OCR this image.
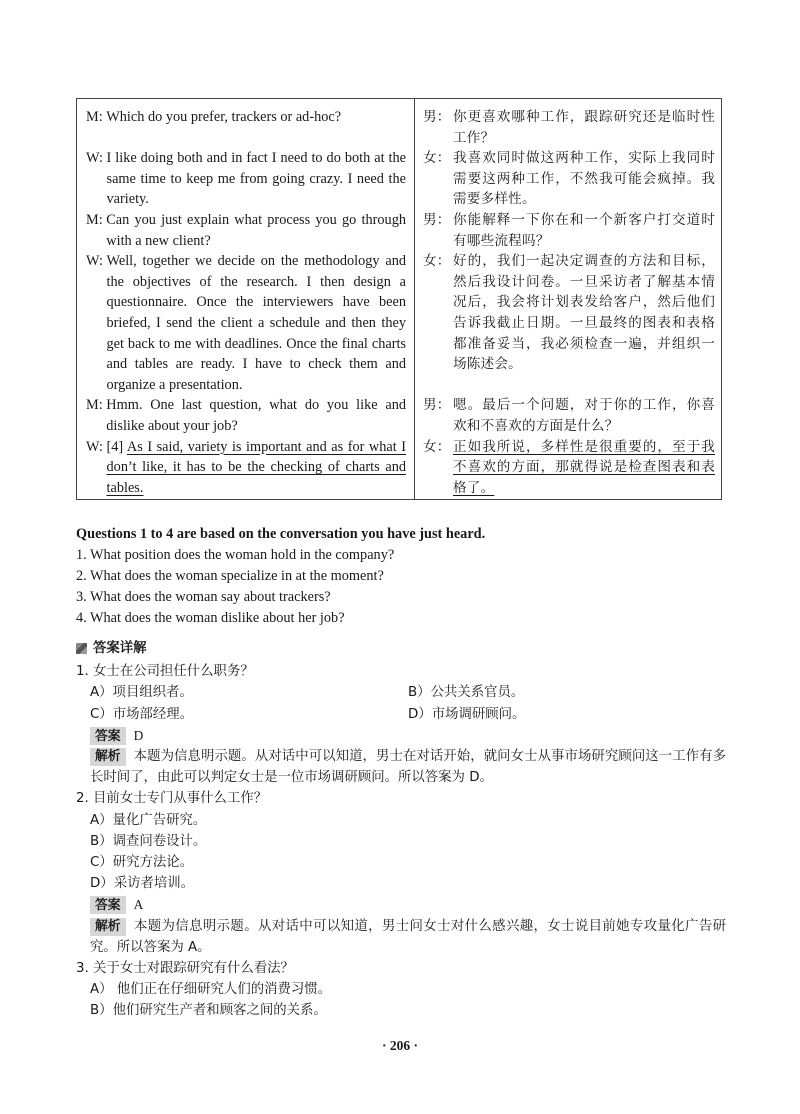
M: Which do you prefer, trackers or ad-hoc?
W: I like doing both and in fact I need to do both at the same time to keep me from going crazy. I need the variety.
M: Can you just explain what process you go through with a new client?
W: Well, together we decide on the methodology and the objectives of the research. I then design a questionnaire. Once the interviewers have been briefed, I send the client a schedule and then they get back to me with deadlines. Once the final charts and tables are ready. I have to check them and organize a presentation.
M: Hmm. One last question, what do you like and dislike about your job?
W: [4] As I said, variety is important and as for what I don’t like, it has to be the checking of charts and tables.
男： 你更喜欢哪种工作，跟踪研究还是临时性工作？
女： 我喜欢同时做这两种工作，实际上我同时需要这两种工作，不然我可能会疯掉。我需要多样性。
男： 你能解释一下你在和一个新客户打交道时有哪些流程吗？
女： 好的，我们一起决定调查的方法和目标，然后我设计问卷。一旦采访者了解基本情况后，我会将计划表发给客户，然后他们告诉我截止日期。一旦最终的图表和表格都准备妥当，我必须检查一遍，并组织一场陈述会。
男： 嗯。最后一个问题，对于你的工作，你喜欢和不喜欢的方面是什么？
女： 正如我所说，多样性是很重要的，至于我不喜欢的方面，那就得说是检查图表和表格了。
Questions 1 to 4 are based on the conversation you have just heard.
1. What position does the woman hold in the company?
2. What does the woman specialize in at the moment?
3. What does the woman say about trackers?
4. What does the woman dislike about her job?
答案详解
1. 女士在公司担任什么职务？
A）项目组织者。	B）公共关系官员。
C）市场部经理。	D）市场调研顾问。
答案 D
解析 本题为信息明示题。从对话中可以知道，男士在对话开始，就问女士从事市场研究顾问这一工作有多长时间了，由此可以判定女士是一位市场调研顾问。所以答案为 D。
2. 目前女士专门从事什么工作？
A）量化广告研究。
B）调查问卷设计。
C）研究方法论。
D）采访者培训。
答案 A
解析 本题为信息明示题。从对话中可以知道，男士问女士对什么感兴趣，女士说目前她专攻量化广告研究。所以答案为 A。
3. 关于女士对跟踪研究有什么看法？
A） 他们正在仔细研究人们的消费习惯。
B）他们研究生产者和顾客之间的关系。
· 206 ·
